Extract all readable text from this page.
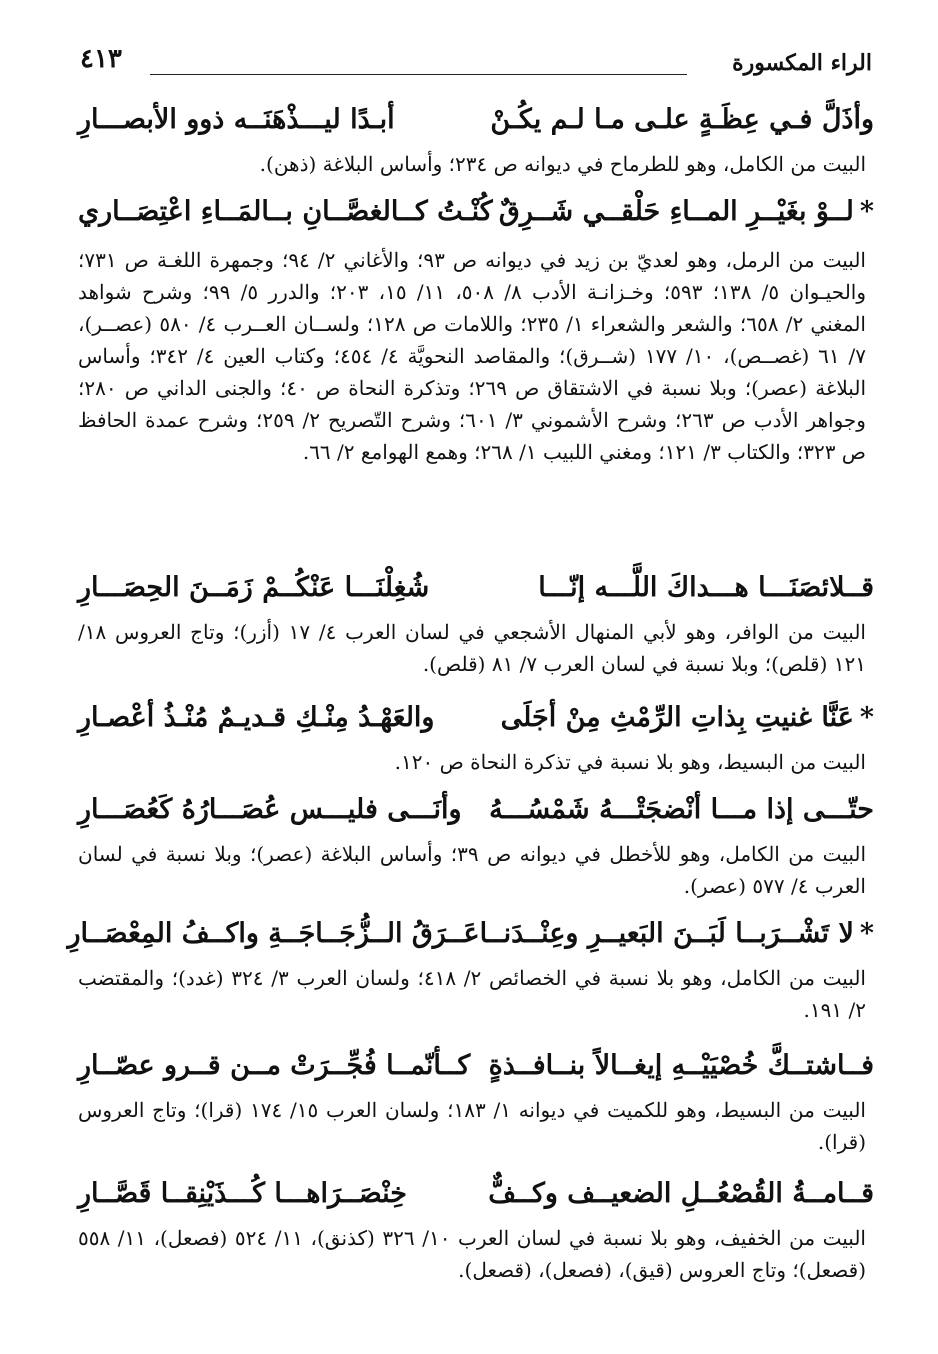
الراء المكسورة
٤١٣
وأذَلَّ فـي عِظَـةٍ علـى مـا لـم يكُـنْ
أبـدًا ليـــذْهَنَــه ذوو الأبصـــارِ

البيت من الكامل، وهو للطرماح في ديوانه ص ٢٣٤؛ وأساس البلاغة (ذهن).

*لــوْ بغَيْــرِ المــاءِ حَلْقــي شَــرِقٌ
كُنْـتُ كــالغصَّــانِ بــالمَــاءِ اعْتِصَــاري

البيت من الرمل، وهو لعديّ بن زيد في ديوانه ص ٩٣؛ والأغاني ٢/ ٩٤؛ وجمهرة اللغـة ص ٧٣١؛ والحيـوان ٥/ ١٣٨؛ ٥٩٣؛ وخـزانـة الأدب ٨/ ٥٠٨، ١١/ ١٥، ٢٠٣؛ والدرر ٥/ ٩٩؛ وشرح شواهد المغني ٢/ ٦٥٨؛ والشعر والشعراء ١/ ٢٣٥؛ واللامات ص ١٢٨؛ ولســان العــرب ٤/ ٥٨٠ (عصــر)، ٧/ ٦١ (غصــص)، ١٠/ ١٧٧ (شــرق)؛ والمقاصد النحويَّة ٤/ ٤٥٤؛ وكتاب العين ٤/ ٣٤٢؛ وأساس البلاغة (عصر)؛ وبلا نسبة في الاشتقاق ص ٢٦٩؛ وتذكرة النحاة ص ٤٠؛ والجنى الداني ص ٢٨٠؛ وجواهر الأدب ص ٢٦٣؛ وشرح الأشموني ٣/ ٦٠١؛ وشرح التّصريح ٢/ ٢٥٩؛ وشرح عمدة الحافظ ص ٣٢٣؛ والكتاب ٣/ ١٢١؛ ومغني اللبيب ١/ ٢٦٨؛ وهمع الهوامع ٢/ ٦٦.

قــلائصَنَـــا هـــداكَ اللَّـــه إنّـــا
شُغِلْنَـــا عَنْكُــمْ زَمَــنَ الحِصَـــارِ

البيت من الوافر، وهو لأبي المنهال الأشجعي في لسان العرب ٤/ ١٧ (أزر)؛ وتاج العروس ١٨/ ١٢١ (قلص)؛ وبلا نسبة في لسان العرب ٧/ ٨١ (قلص).

*عَنَّا غنيتِ بِذاتِ الرِّمْثِ مِنْ أجَلَى
والعَهْـدُ مِنْـكِ قـديـمٌ مُنْـذُ أعْصـارِ

البيت من البسيط، وهو بلا نسبة في تذكرة النحاة ص ١٢٠.

حتّـــى إذا مـــا أنْضجَتْـــهُ شَمْسُـــهُ
وأنَـــى فليـــس عُصَـــارُهُ كَعُصَـــارِ

البيت من الكامل، وهو للأخطل في ديوانه ص ٣٩؛ وأساس البلاغة (عصر)؛ وبلا نسبة في لسان العرب ٤/ ٥٧٧ (عصر).

*لا تَشْــرَبــا لَبَــنَ البَعيــرِ وعِنْــدَنــا
عَــرَقُ الــزُّجَــاجَــةِ واكــفُ المِعْصَــارِ

البيت من الكامل، وهو بلا نسبة في الخصائص ٢/ ٤١٨؛ ولسان العرب ٣/ ٣٢٤ (غدد)؛ والمقتضب ٢/ ١٩١.

فــاشتــكَّ خُصْيَيْــهِ إيغــالاً بنــافــذةٍ
كــأنّمــا فُجِّــرَتْ مــن قــرو عصّــارِ

البيت من البسيط، وهو للكميت في ديوانه ١/ ١٨٣؛ ولسان العرب ١٥/ ١٧٤ (قرا)؛ وتاج العروس (قرا).

قــامــةُ القُصْعُــلِ الضعيــف وكــفٌّ
خِنْصَــرَاهـــا كُـــذَيْنِقــا قَصَّــارِ

البيت من الخفيف، وهو بلا نسبة في لسان العرب ١٠/ ٣٢٦ (كذنق)، ١١/ ٥٢٤ (فصعل)، ١١/ ٥٥٨ (قصعل)؛ وتاج العروس (قيق)، (فصعل)، (قصعل).
